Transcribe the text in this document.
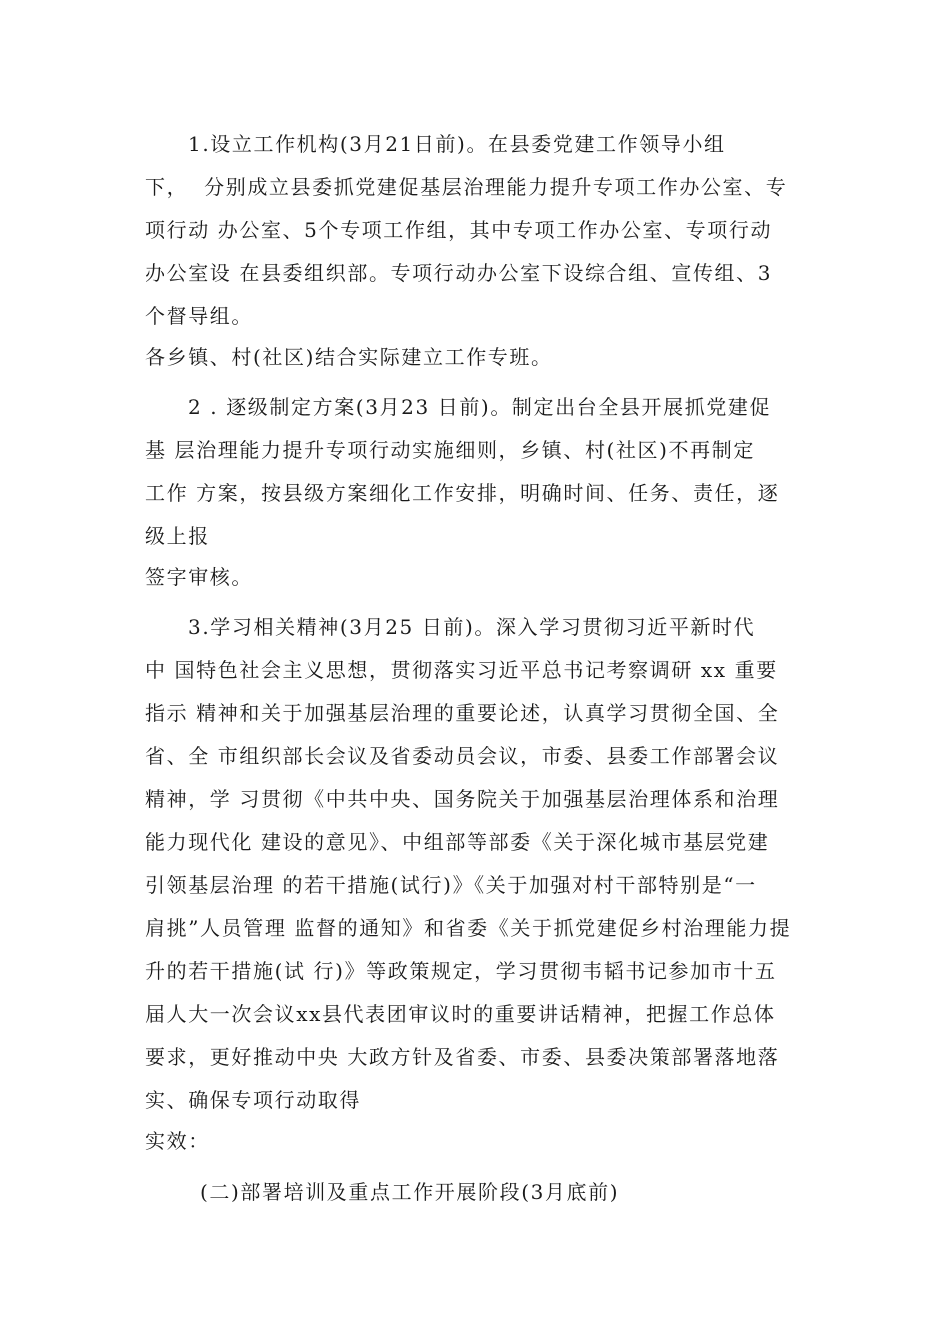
1.设立工作机构(3月21日前)。在县委党建工作领导小组
下，  分别成立县委抓党建促基层治理能力提升专项工作办公室、专
项行动 办公室、5个专项工作组，其中专项工作办公室、专项行动
办公室设 在县委组织部。专项行动办公室下设综合组、宣传组、3
个督导组。
各乡镇、村(社区)结合实际建立工作专班。
2 . 逐级制定方案(3月23 日前)。制定出台全县开展抓党建促
基 层治理能力提升专项行动实施细则，乡镇、村(社区)不再制定
工作 方案，按县级方案细化工作安排，明确时间、任务、责任，逐
级上报
签字审核。
3.学习相关精神(3月25 日前)。深入学习贯彻习近平新时代
中 国特色社会主义思想，贯彻落实习近平总书记考察调研 xx 重要
指示 精神和关于加强基层治理的重要论述，认真学习贯彻全国、全
省、全 市组织部长会议及省委动员会议，市委、县委工作部署会议
精神，学 习贯彻《中共中央、国务院关于加强基层治理体系和治理
能力现代化 建设的意见》、中组部等部委《关于深化城市基层党建
引领基层治理 的若干措施(试行)》《关于加强对村干部特别是“一
肩挑”人员管理 监督的通知》和省委《关于抓党建促乡村治理能力提
升的若干措施(试 行)》等政策规定，学习贯彻韦韬书记参加市十五
届人大一次会议xx县代表团审议时的重要讲话精神，把握工作总体
要求，更好推动中央 大政方针及省委、市委、县委决策部署落地落
实、确保专项行动取得
实效：
(二)部署培训及重点工作开展阶段(3月底前)
